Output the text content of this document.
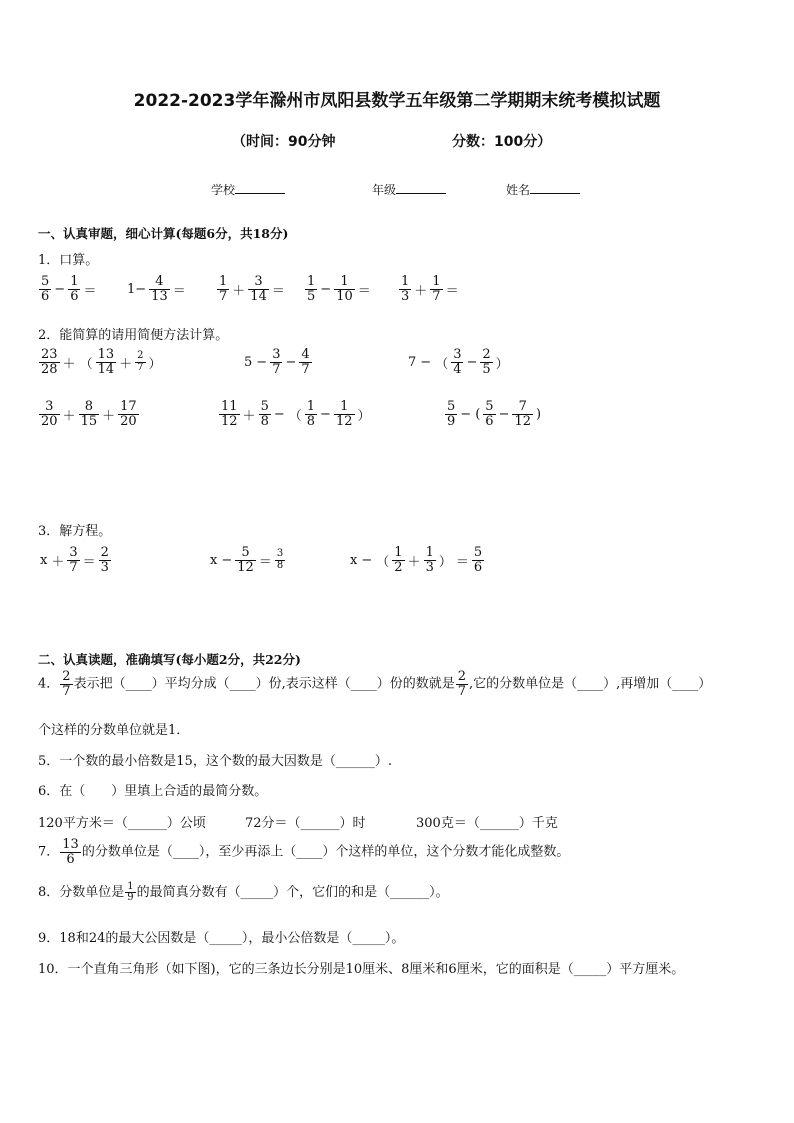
2022-2023学年滁州市凤阳县数学五年级第二学期期末统考模拟试题
（时间：90分钟	分数：100分）
学校	年级	姓名
一、认真审题，细心计算(每题6分，共18分)
1．口算。
$\frac{5}{6} - \frac{1}{6} = 1- \frac{4}{13} = \frac{1}{7} + \frac{3}{14} = \frac{1}{5} - \frac{1}{10} = \frac{1}{3} + \frac{1}{7}$ ＝
2．能简算的请用简便方法计算。
$\frac{23}{28}$ ＋ （ $\frac{13}{14} + \frac{2}{7}$ ）	$5 - \frac{3}{7} - \frac{4}{7}$	7 − （ $\frac{3}{4} - \frac{2}{5}$ ）
$\frac{3}{20} + \frac{8}{15} + \frac{17}{20}$	$\frac{11}{12} + \frac{5}{8}$ − （ $\frac{1}{8} - \frac{1}{12}$ ）	$\frac{5}{9}$ − ( $\frac{5}{6} - \frac{7}{12}$ )
3．解方程。
$x + \frac{3}{7} = \frac{2}{3}$	$x - \frac{5}{12} = \frac{3}{8}$	x − （ $\frac{1}{2} + \frac{1}{3}$ ） ＝ $\frac{5}{6}$
二、认真读题，准确填写(每小题2分，共22分)
4． $\frac{2}{7}$ 表示把（____）平均分成（____）份,表示这样（____）份的数就是 $\frac{2}{7}$ ,它的分数单位是（____）,再增加（____）
个这样的分数单位就是1．
5．一个数的最小倍数是15，这个数的最大因数是（______）.
6．在（　　）里填上合适的最简分数。
120平方米＝（______）公顷	72分＝（______）时	300克＝（______）千克
7． $\frac{13}{6}$ 的分数单位是（____），至少再添上（____）个这样的单位，这个分数才能化成整数。
8．分数单位是 $\frac{1}{9}$ 的最简真分数有（_____）个，它们的和是（______）。
9．18和24的最大公因数是（_____），最小公倍数是（_____）。
10．一个直角三角形（如下图)，它的三条边长分别是10厘米、8厘米和6厘米，它的面积是（_____）平方厘米。
